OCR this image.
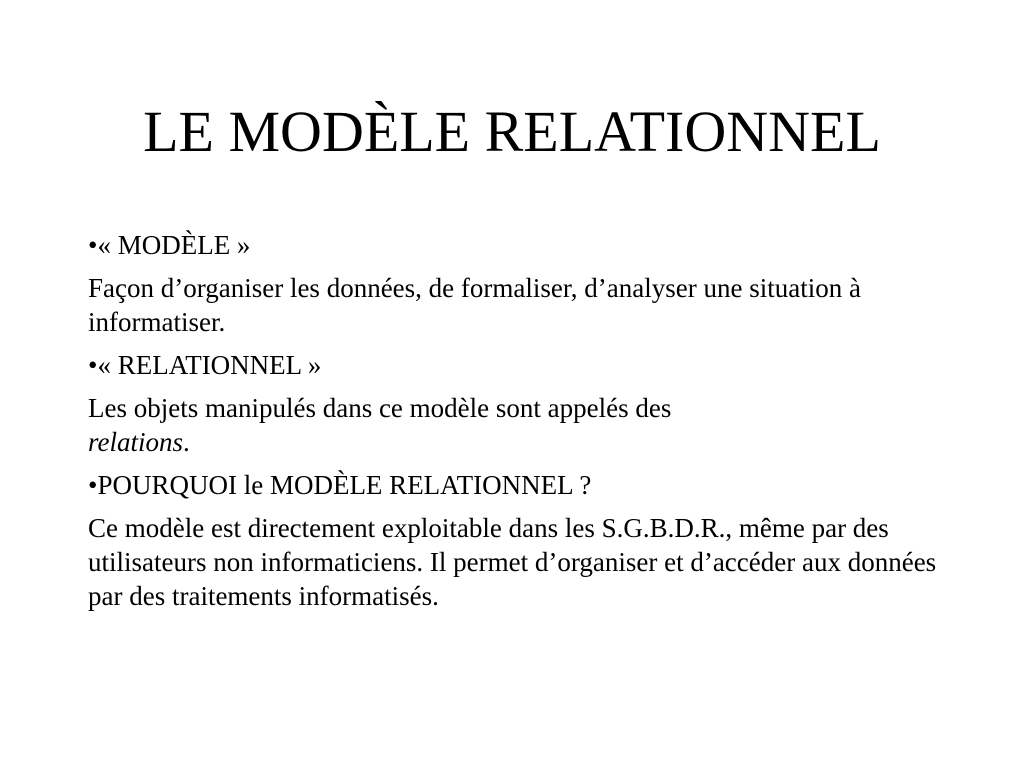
LE MODÈLE RELATIONNEL
•« MODÈLE »
Façon d’organiser les données, de formaliser, d’analyser une situation à informatiser.
•« RELATIONNEL »
Les objets manipulés dans ce modèle sont appelés des
relations.
•POURQUOI le MODÈLE RELATIONNEL ?
Ce modèle est directement exploitable dans les S.G.B.D.R., même par des utilisateurs non informaticiens. Il permet d’organiser et d’accéder aux données par des traitements informatisés.
